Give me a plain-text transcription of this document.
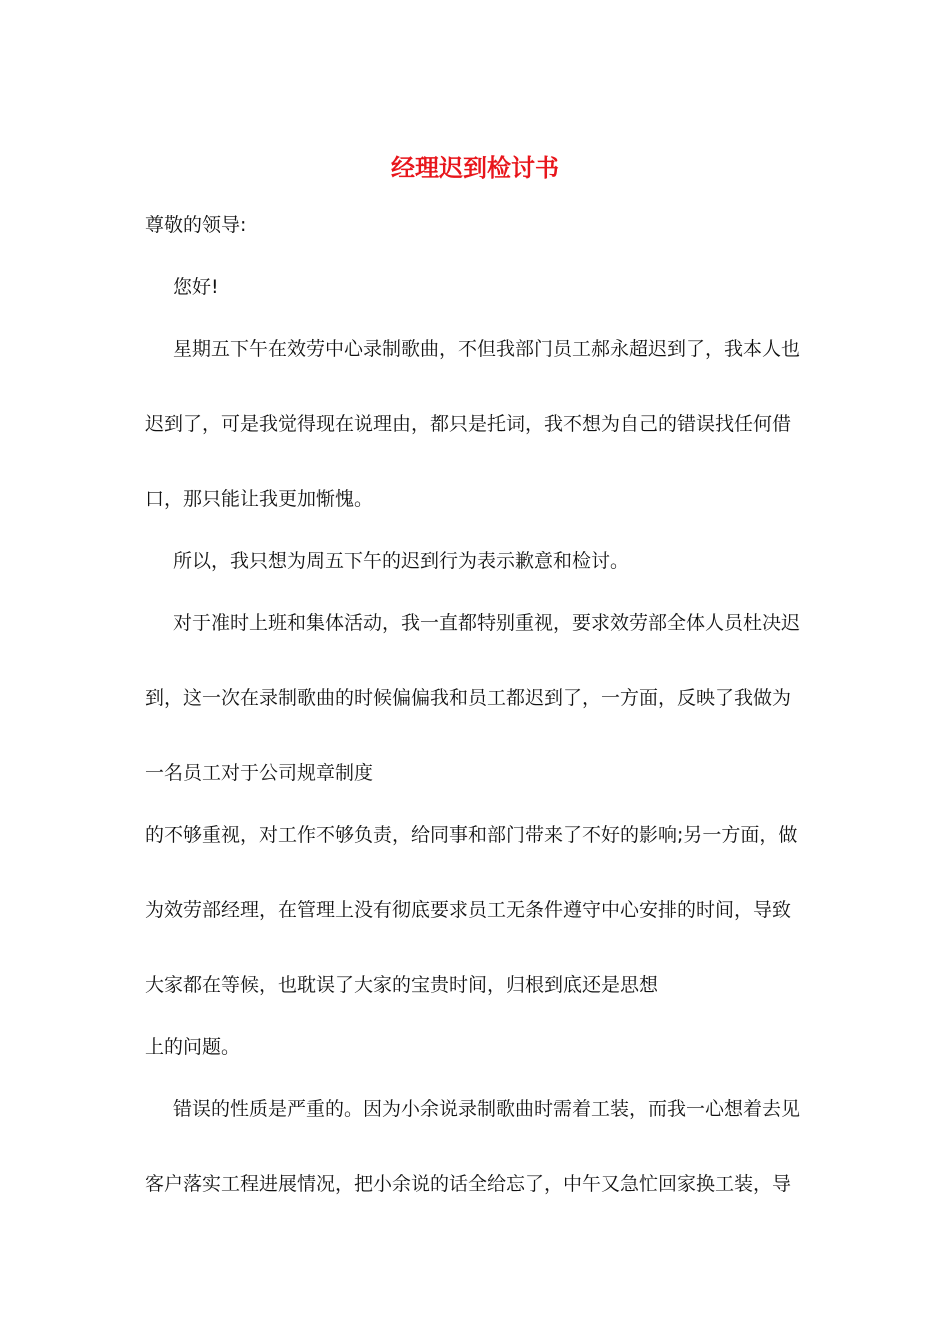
经理迟到检讨书
尊敬的领导:
您好!
星期五下午在效劳中心录制歌曲，不但我部门员工郝永超迟到了，我本人也
迟到了，可是我觉得现在说理由，都只是托词，我不想为自己的错误找任何借
口，那只能让我更加惭愧。
所以，我只想为周五下午的迟到行为表示歉意和检讨。
对于准时上班和集体活动，我一直都特别重视，要求效劳部全体人员杜决迟
到，这一次在录制歌曲的时候偏偏我和员工都迟到了，一方面，反映了我做为
一名员工对于公司规章制度
的不够重视，对工作不够负责，给同事和部门带来了不好的影响;另一方面，做
为效劳部经理，在管理上没有彻底要求员工无条件遵守中心安排的时间，导致
大家都在等候，也耽误了大家的宝贵时间，归根到底还是思想
上的问题。
错误的性质是严重的。因为小余说录制歌曲时需着工装，而我一心想着去见
客户落实工程进展情况，把小余说的话全给忘了，中午又急忙回家换工装，导
